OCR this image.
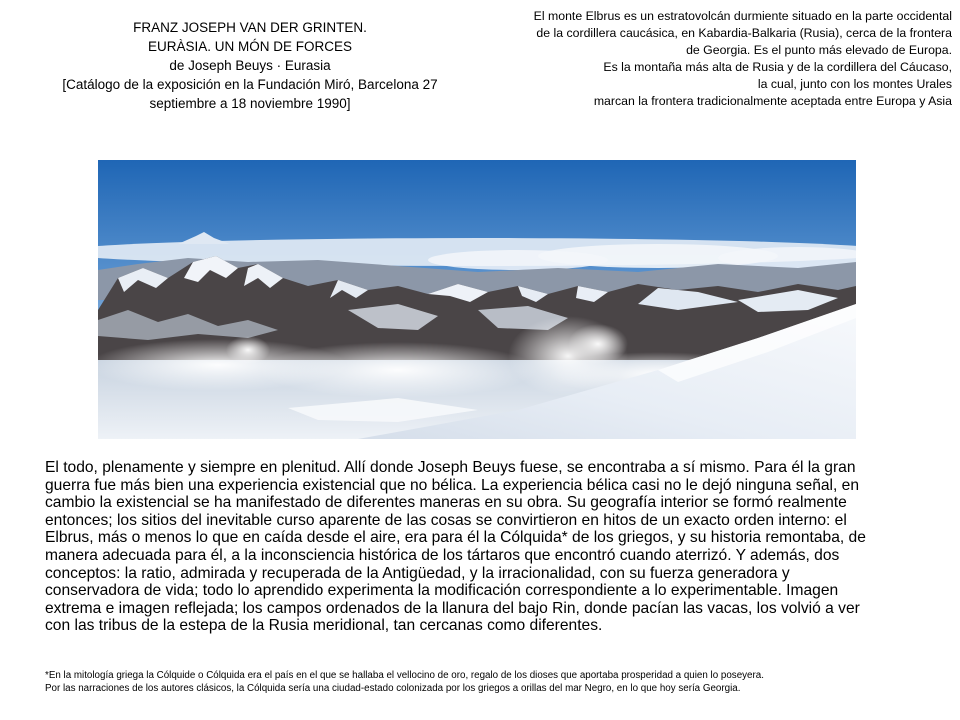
FRANZ JOSEPH VAN DER GRINTEN.
EURÀSIA. UN MÓN DE FORCES
de Joseph Beuys · Eurasia
[Catálogo de la exposición en la Fundación Miró, Barcelona 27
septiembre a 18 noviembre 1990]
El monte Elbrus es un estratovolcán durmiente situado en la parte occidental
de la cordillera caucásica, en Kabardia-Balkaria (Rusia), cerca de la frontera
de Georgia. Es el punto más elevado de Europa.
Es la montaña más alta de Rusia y de la cordillera del Cáucaso,
la cual, junto con los montes Urales
marcan la frontera tradicionalmente aceptada entre Europa y Asia
El todo, plenamente y siempre en plenitud. Allí donde Joseph Beuys fuese, se encontraba a sí mismo. Para él la gran
guerra fue más bien una experiencia existencial que no bélica. La experiencia bélica casi no le dejó ninguna señal, en
cambio la existencial se ha manifestado de diferentes maneras en su obra. Su geografía interior se formó realmente
entonces; los sitios del inevitable curso aparente de las cosas se convirtieron en hitos de un exacto orden interno: el
Elbrus, más o menos lo que en caída desde el aire, era para él la Cólquida* de los griegos, y su historia remontaba, de
manera adecuada para él, a la inconsciencia histórica de los tártaros que encontró cuando aterrizó. Y además, dos
conceptos: la ratio, admirada y recuperada de la Antigüedad, y la irracionalidad, con su fuerza generadora y
conservadora de vida; todo lo aprendido experimenta la modificación correspondiente a lo experimentable. Imagen
extrema e imagen reflejada; los campos ordenados de la llanura del bajo Rin, donde pacían las vacas, los volvió a ver
con las tribus de la estepa de la Rusia meridional, tan cercanas como diferentes.
*En la mitología griega la Cólquide o Cólquida era el país en el que se hallaba el vellocino de oro, regalo de los dioses que aportaba prosperidad a quien lo poseyera.
Por las narraciones de los autores clásicos, la Cólquida sería una ciudad-estado colonizada por los griegos a orillas del mar Negro, en lo que hoy sería Georgia.
